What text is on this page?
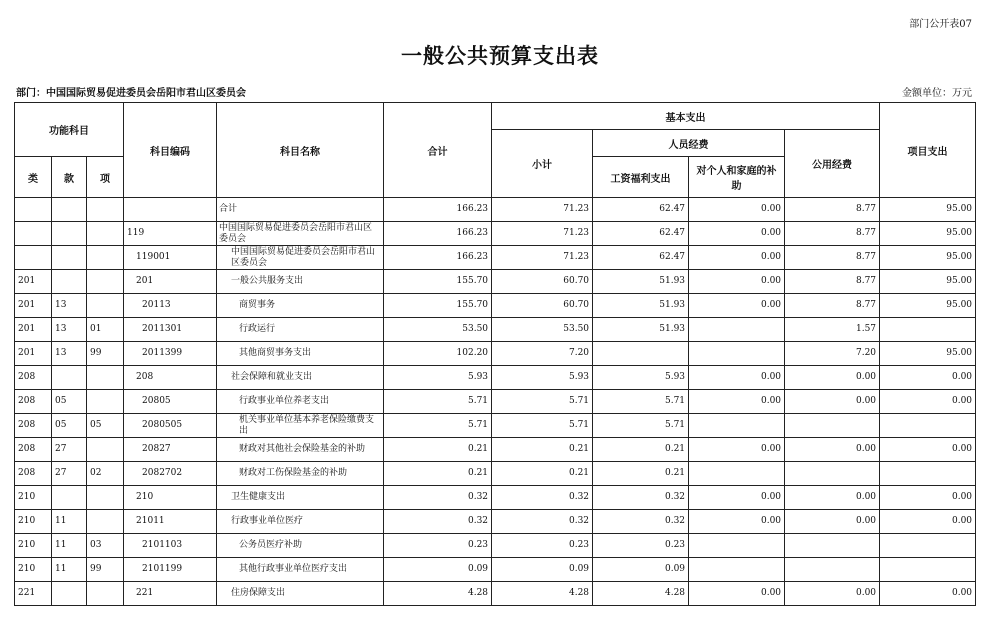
部门公开表07
一般公共预算支出表
部门：中国国际贸易促进委员会岳阳市君山区委员会	金额单位：万元
功能科目			科目编码	科目名称	合计	基本支出				项目支出
						小计	人员经费		公用经费	
类	款	项					工资福利支出	对个人和家庭的补助		
				合计	166.23	71.23	62.47	0.00	8.77	95.00
			119	中国国际贸易促进委员会岳阳市君山区委员会	166.23	71.23	62.47	0.00	8.77	95.00
			119001	中国国际贸易促进委员会岳阳市君山区委员会	166.23	71.23	62.47	0.00	8.77	95.00
201			201	一般公共服务支出	155.70	60.70	51.93	0.00	8.77	95.00
201	13		20113	商贸事务	155.70	60.70	51.93	0.00	8.77	95.00
201	13	01	2011301	行政运行	53.50	53.50	51.93		1.57	
201	13	99	2011399	其他商贸事务支出	102.20	7.20			7.20	95.00
208			208	社会保障和就业支出	5.93	5.93	5.93	0.00	0.00	0.00
208	05		20805	行政事业单位养老支出	5.71	5.71	5.71	0.00	0.00	0.00
208	05	05	2080505	机关事业单位基本养老保险缴费支出	5.71	5.71	5.71			
208	27		20827	财政对其他社会保险基金的补助	0.21	0.21	0.21	0.00	0.00	0.00
208	27	02	2082702	财政对工伤保险基金的补助	0.21	0.21	0.21			
210			210	卫生健康支出	0.32	0.32	0.32	0.00	0.00	0.00
210	11		21011	行政事业单位医疗	0.32	0.32	0.32	0.00	0.00	0.00
210	11	03	2101103	公务员医疗补助	0.23	0.23	0.23			
210	11	99	2101199	其他行政事业单位医疗支出	0.09	0.09	0.09			
221			221	住房保障支出	4.28	4.28	4.28	0.00	0.00	0.00
